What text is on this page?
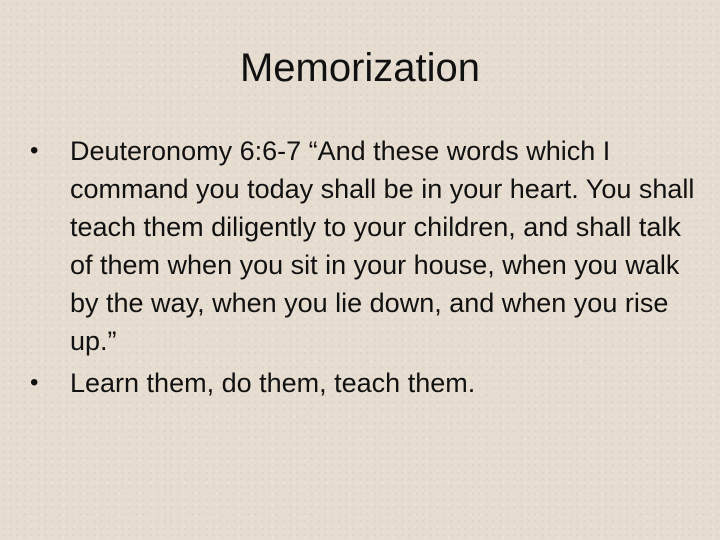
Memorization
•	Deuteronomy 6:6-7 “And these words which I command you today shall be in your heart. You shall teach them diligently to your children, and shall talk of them when you sit in your house, when you walk by the way, when you lie down, and when you rise up.”
•	Learn them, do them, teach them.
